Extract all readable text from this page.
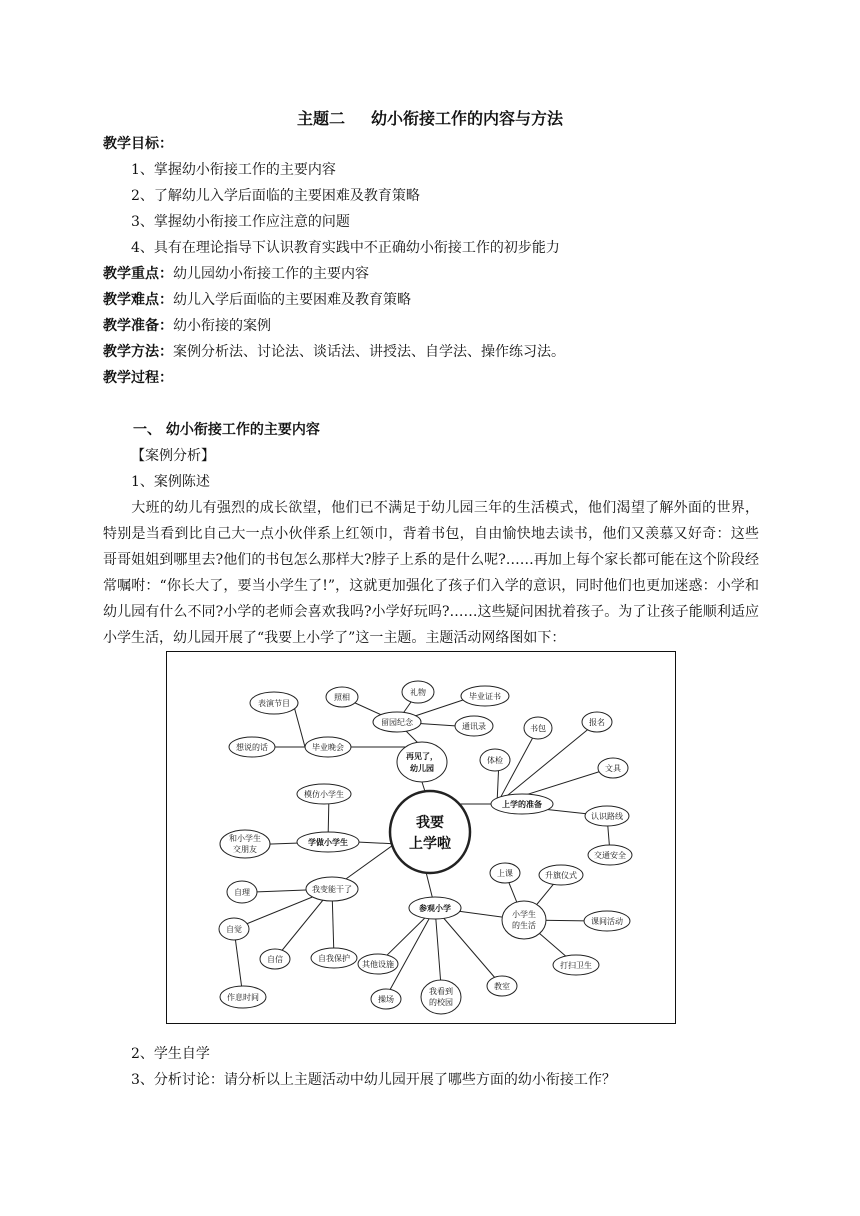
主题二 幼小衔接工作的内容与方法
教学目标：
1、掌握幼小衔接工作的主要内容
2、了解幼儿入学后面临的主要困难及教育策略
3、掌握幼小衔接工作应注意的问题
4、具有在理论指导下认识教育实践中不正确幼小衔接工作的初步能力
教学重点：幼儿园幼小衔接工作的主要内容
教学难点：幼儿入学后面临的主要困难及教育策略
教学准备：幼小衔接的案例
教学方法：案例分析法、讨论法、谈话法、讲授法、自学法、操作练习法。
教学过程：
一、 幼小衔接工作的主要内容
【案例分析】
1、案例陈述
大班的幼儿有强烈的成长欲望，他们已不满足于幼儿园三年的生活模式，他们渴望了解外面的世界，特别是当看到比自己大一点小伙伴系上红领巾，背着书包，自由愉快地去读书，他们又羡慕又好奇：这些哥哥姐姐到哪里去?他们的书包怎么那样大?脖子上系的是什么呢?……再加上每个家长都可能在这个阶段经常嘱咐：“你长大了，要当小学生了!”，这就更加强化了孩子们入学的意识，同时他们也更加迷惑：小学和幼儿园有什么不同?小学的老师会喜欢我吗?小学好玩吗?……这些疑问困扰着孩子。为了让孩子能顺利适应小学生活，幼儿园开展了“我要上小学了”这一主题。主题活动网络图如下：
我要
上学啦
再见了，
幼儿园
留园纪念
照相
礼物	毕业证书
通讯录
毕业晚会
表演节目
想说的话
上学的准备
体检
书包
报名
文具
认识路线
交通安全
学做小学生
模仿小学生
和小学生
交朋友
我变能干了
自理
自觉
自信	自我保护
作息时间
参观小学
小学生
的生活
上课	升旗仪式
课间活动
打扫卫生
其他设施
我看到
的校园
教室
操场
2、学生自学
3、分析讨论：请分析以上主题活动中幼儿园开展了哪些方面的幼小衔接工作？
